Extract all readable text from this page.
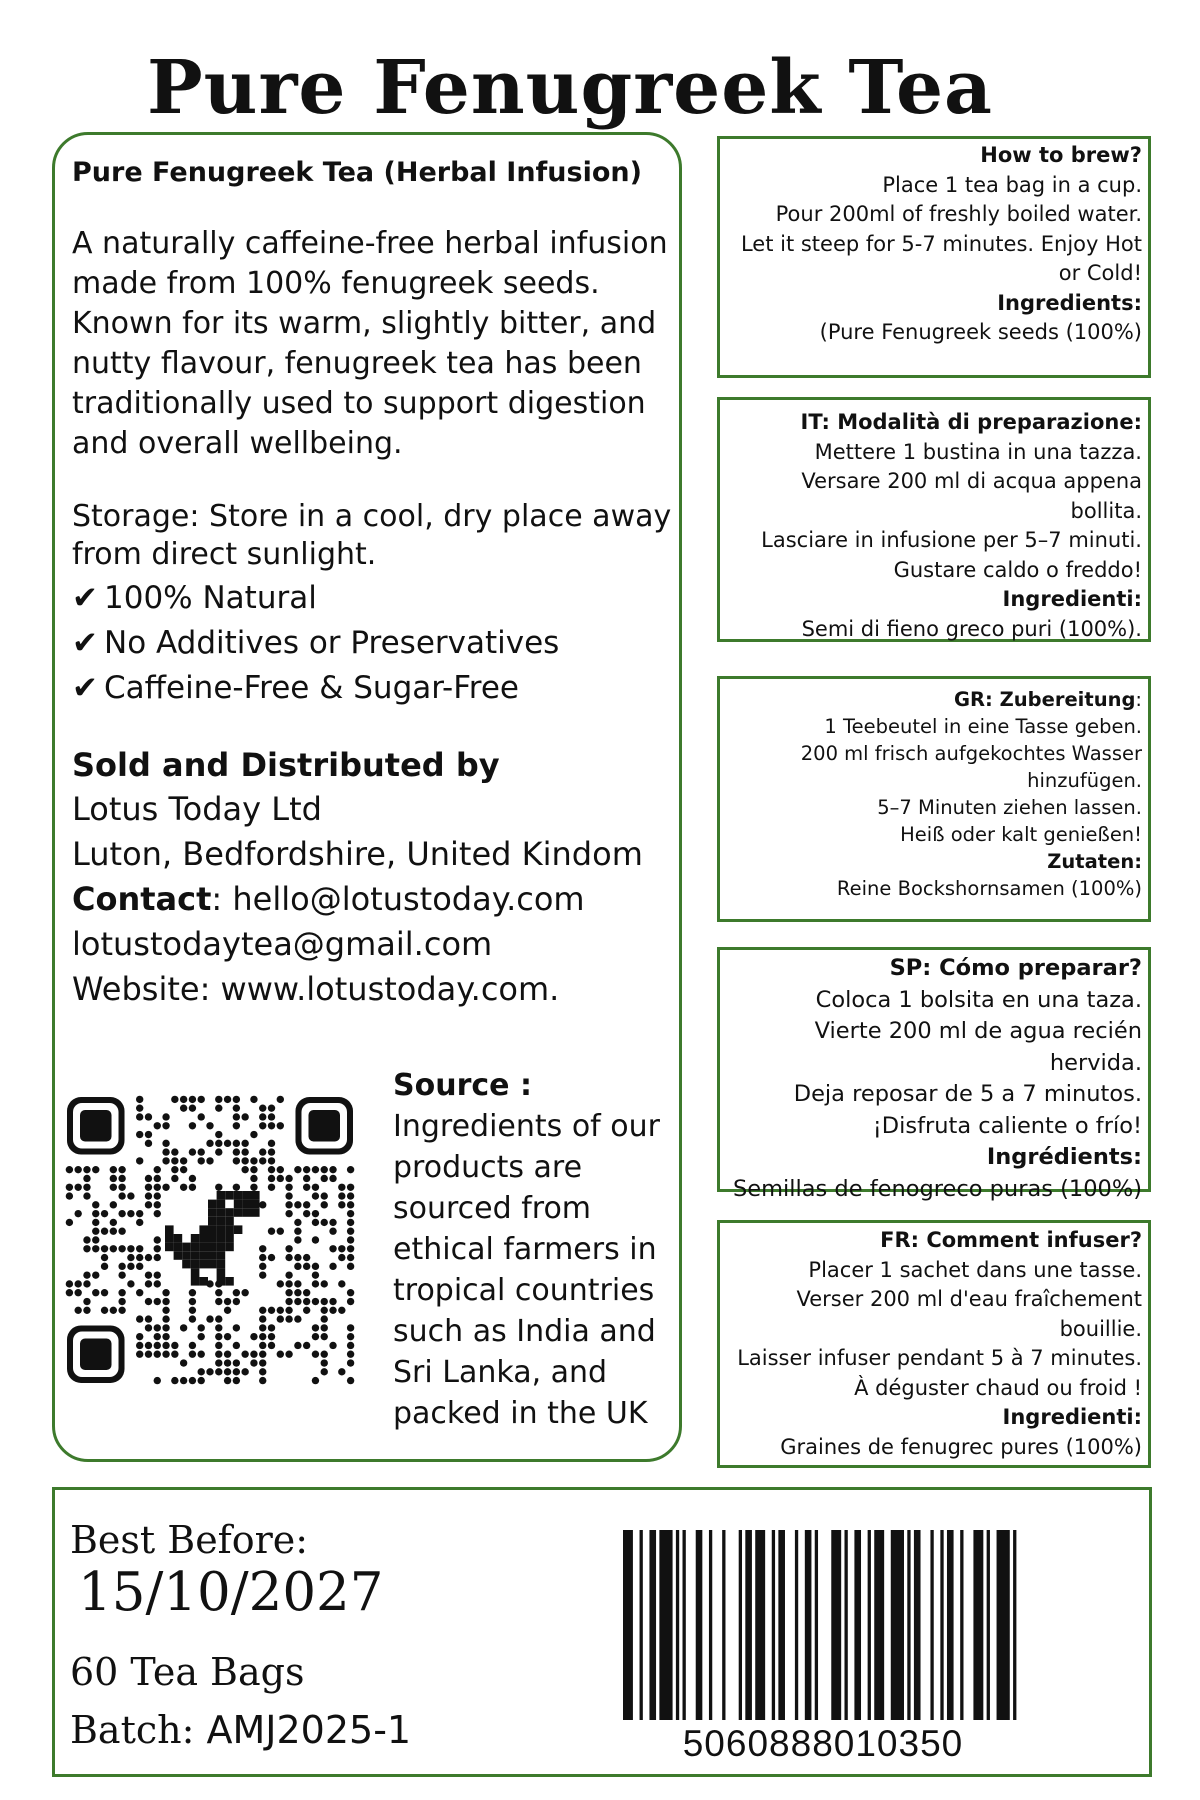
Pure Fenugreek Tea

Pure Fenugreek Tea (Herbal Infusion)

A naturally caffeine-free herbal infusion made from 100% fenugreek seeds. Known for its warm, slightly bitter, and nutty flavour, fenugreek tea has been traditionally used to support digestion and overall wellbeing.

Storage: Store in a cool, dry place away from direct sunlight.

✔ 100% Natural
✔ No Additives or Preservatives
✔ Caffeine-Free & Sugar-Free

Sold and Distributed by

Lotus Today Ltd

Luton, Bedfordshire, United Kindom

Contact: hello@lotustoday.com

lotustodaytea@gmail.com

Website: www.lotustoday.com.

Source :
Ingredients of our products are sourced from ethical farmers in tropical countries such as India and Sri Lanka, and packed in the UK
How to brew?
Place 1 tea bag in a cup.
Pour 200ml of freshly boiled water.
Let it steep for 5-7 minutes. Enjoy Hot or Cold!
Ingredients:
(Pure Fenugreek seeds (100%)
IT: Modalità di preparazione:
Mettere 1 bustina in una tazza.
Versare 200 ml di acqua appena bollita.
Lasciare in infusione per 5–7 minuti.
Gustare caldo o freddo!
Ingredienti:
Semi di fieno greco puri (100%).
GR: Zubereitung:
1 Teebeutel in eine Tasse geben.
200 ml frisch aufgekochtes Wasser hinzufügen.
5–7 Minuten ziehen lassen.
Heiß oder kalt genießen!
Zutaten:
Reine Bockshornsamen (100%)
SP: Cómo preparar?
Coloca 1 bolsita en una taza.
Vierte 200 ml de agua recién hervida.
Deja reposar de 5 a 7 minutos.
¡Disfruta caliente o frío!
Ingrédients:
Semillas de fenogreco puras (100%)
FR: Comment infuser?
Placer 1 sachet dans une tasse.
Verser 200 ml d'eau fraîchement bouillie.
Laisser infuser pendant 5 à 7 minutes.
À déguster chaud ou froid !
Ingredienti:
Graines de fenugrec pures (100%)
Best Before:
15/10/2027
60 Tea Bags
Batch: AMJ2025-1	5060888010350
